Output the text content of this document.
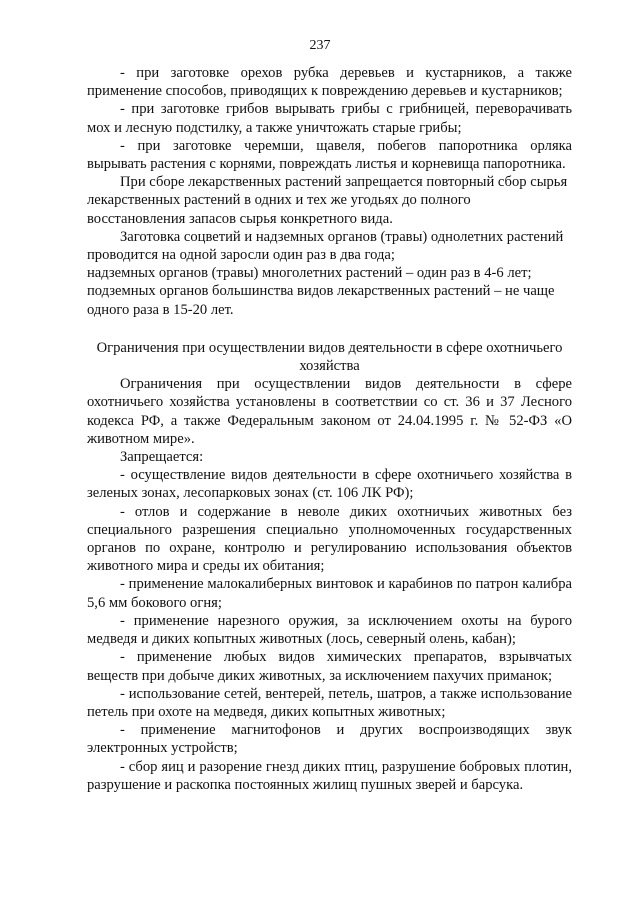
237

- при заготовке орехов рубка деревьев и кустарников, а также применение способов, приводящих к повреждению деревьев и кустарников;

- при заготовке грибов вырывать грибы с грибницей, переворачивать мох и лесную подстилку, а также уничтожать старые грибы;

- при заготовке черемши, щавеля, побегов папоротника орляка вырывать растения с корнями, повреждать листья и корневища папоротника.

При сборе лекарственных растений запрещается повторный сбор сырья лекарственных растений в одних и тех же угодьях до полного восстановления запасов сырья конкретного вида.

Заготовка соцветий и надземных органов (травы) однолетних растений проводится на одной заросли один раз в два года;

надземных органов (травы) многолетних растений – один раз в 4-6 лет;

подземных органов большинства видов лекарственных растений – не чаще одного раза в 15-20 лет.

Ограничения при осуществлении видов деятельности в сфере охотничьего хозяйства

Ограничения при осуществлении видов деятельности в сфере охотничьего хозяйства установлены в соответствии со ст. 36 и 37 Лесного кодекса РФ, а также Федеральным законом от 24.04.1995 г. № 52-ФЗ «О животном мире».

Запрещается:

- осуществление видов деятельности в сфере охотничьего хозяйства в зеленых зонах, лесопарковых зонах (ст. 106 ЛК РФ);

- отлов и содержание в неволе диких охотничьих животных без специального разрешения специально уполномоченных государственных органов по охране, контролю и регулированию использования объектов животного мира и среды их обитания;

- применение малокалиберных винтовок и карабинов по патрон калибра 5,6 мм бокового огня;

- применение нарезного оружия, за исключением охоты на бурого медведя и диких копытных животных (лось, северный олень, кабан);

- применение любых видов химических препаратов, взрывчатых веществ при добыче диких животных, за исключением пахучих приманок;

- использование сетей, вентерей, петель, шатров, а также использование петель при охоте на медведя, диких копытных животных;

- применение магнитофонов и других воспроизводящих звук электронных устройств;

- сбор яиц и разорение гнезд диких птиц, разрушение бобровых плотин, разрушение и раскопка постоянных жилищ пушных зверей и барсука.
